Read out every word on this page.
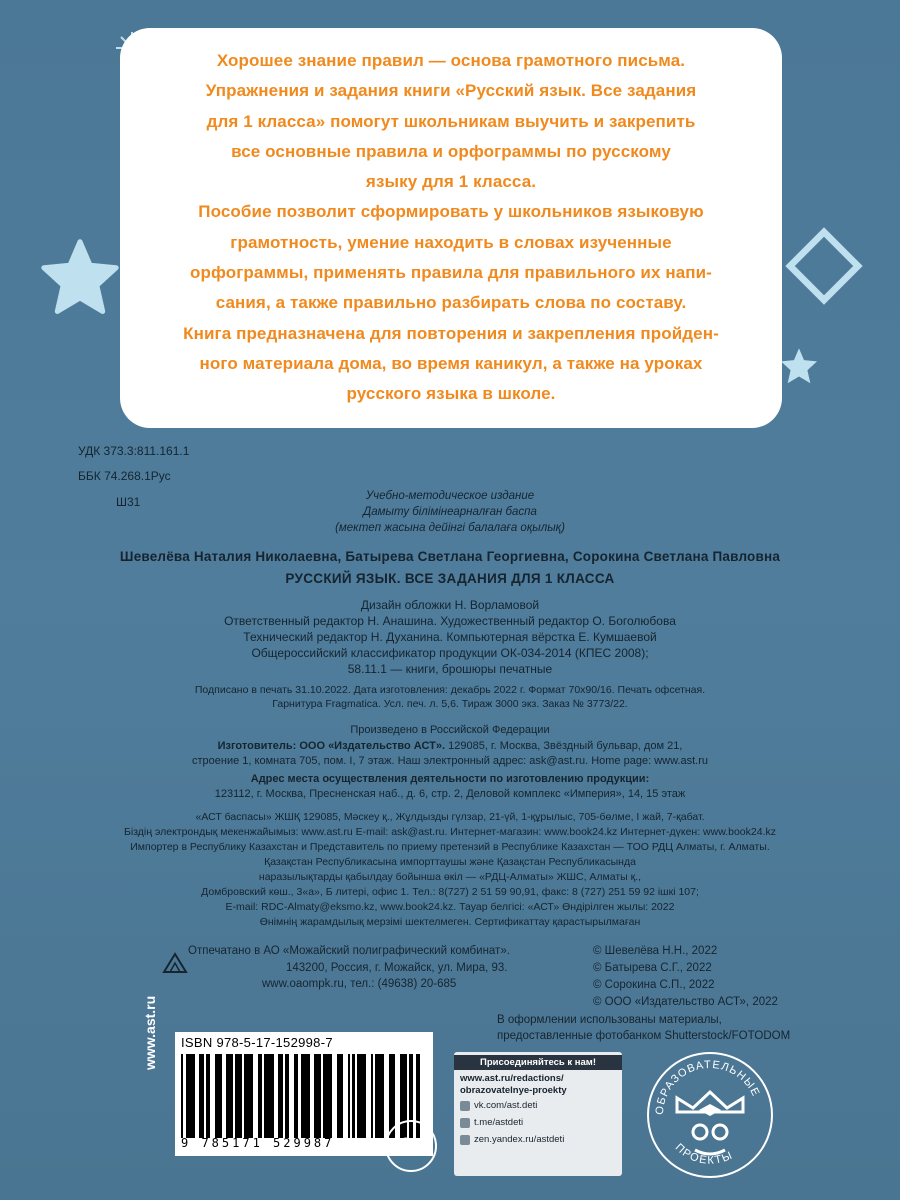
Хорошее знание правил — основа грамотного письма.

Упражнения и задания книги «Русский язык. Все задания

для 1 класса» помогут школьникам выучить и закрепить

все основные правила и орфограммы по русскому

языку для 1 класса.

Пособие позволит сформировать у школьников языковую

грамотность, умение находить в словах изученные

орфограммы, применять правила для правильного их напи-

сания, а также правильно разбирать слова по составу.

Книга предназначена для повторения и закрепления пройден-

ного материала дома, во время каникул, а также на уроках

русского языка в школе.

УДК 373.3:811.161.1
ББК 74.268.1Рус
Ш31	Учебно-методическое издание
Дамыту білімінеарналған баспа
(мектеп жасына дейінгі балалаға оқылық)
Шевелёва Наталия Николаевна, Батырева Светлана Георгиевна, Сорокина Светлана Павловна
РУССКИЙ ЯЗЫК. ВСЕ ЗАДАНИЯ ДЛЯ 1 КЛАССА
Дизайн обложки Н. Ворламовой
Ответственный редактор Н. Анашина. Художественный редактор О. Боголюбова
Технический редактор Н. Духанина. Компьютерная вёрстка Е. Кумшаевой
Общероссийский классификатор продукции ОК-034-2014 (КПЕС 2008);
58.11.1 — книги, брошюры печатные
Подписано в печать 31.10.2022. Дата изготовления: декабрь 2022 г. Формат 70х90/16. Печать офсетная.
Гарнитура Fragmatica. Усл. печ. л. 5,6. Тираж 3000 экз. Заказ № 3773/22.
Произведено в Российской Федерации
Изготовитель: ООО «Издательство АСТ». 129085, г. Москва, Звёздный бульвар, дом 21,
строение 1, комната 705, пом. I, 7 этаж. Наш электронный адрес: ask@ast.ru. Home page: www.ast.ru
Адрес места осуществления деятельности по изготовлению продукции:
123112, г. Москва, Пресненская наб., д. 6, стр. 2, Деловой комплекс «Империя», 14, 15 этаж
«АСТ баспасы» ЖШҚ 129085, Мәскеу қ., Жұлдызды гүлзар, 21-үй, 1-құрылыс, 705-бөлме, I жай, 7-қабат.
Біздің электрондық мекенжайымыз: www.ast.ru E-mail: ask@ast.ru. Интернет-магазин: www.book24.kz Интернет-дүкен: www.book24.kz
Импортер в Республику Казахстан и Представитель по приему претензий в Республике Казахстан — ТОО РДЦ Алматы, г. Алматы.
Қазақстан Республикасына импорттаушы және Қазақстан Республикасында
наразылықтарды қабылдау бойынша өкіл — «РДЦ-Алматы» ЖШС, Алматы қ.,
Домбровский көш., 3«а», Б литері, офис 1. Тел.: 8(727) 2 51 59 90,91, факс: 8 (727) 251 59 92 ішкі 107;
E-mail: RDC-Almaty@eksmo.kz, www.book24.kz. Тауар белгісі: «АСТ» Өндірілген жылы: 2022
Өнімнің жарамдылық мерзімі шектелмеген. Сертификаттау қарастырылмаған
Отпечатано в АО «Можайский полиграфический комбинат».
143200, Россия, г. Можайск, ул. Мира, 93.
www.oaompk.ru, тел.: (49638) 20-685
© Шевелёва Н.Н., 2022
© Батырева С.Г., 2022
© Сорокина С.П., 2022
© ООО «Издательство АСТ», 2022
В оформлении использованы материалы,
предоставленные фотобанком Shutterstock/FOTODOM
www.ast.ru ISBN 978-5-17-152998-7
9 785171 529987	6+
Присоединяйтесь к нам!
www.ast.ru/redactions/
obrazovatelnye-proekty
vk.com/ast.deti
t.me/astdeti
zen.yandex.ru/astdeti
ОБРАЗОВАТЕЛЬНЫЕ
ПРОЕКТЫ
